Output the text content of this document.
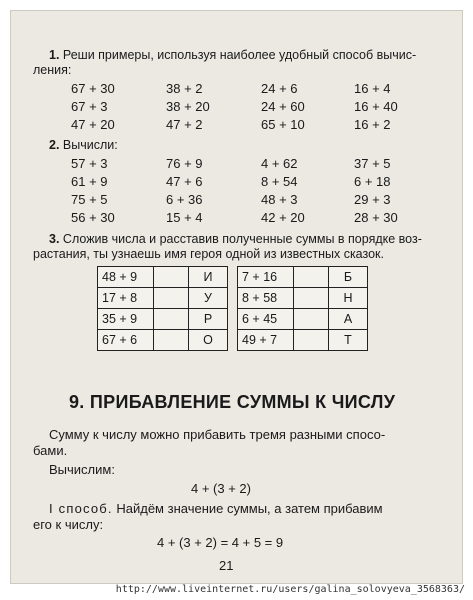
1. Реши примеры, используя наиболее удобный способ вычис-
ления:
67 + 30	38 + 2	24 + 6	16 + 4
67 + 3	38 + 20	24 + 60	16 + 40
47 + 20	47 + 2	65 + 10	16 + 2
2. Вычисли:
57 + 3	76 + 9	4 + 62	37 + 5
61 + 9	47 + 6	8 + 54	6 + 18
75 + 5	6 + 36	48 + 3	29 + 3
56 + 30	15 + 4	42 + 20	28 + 30
3. Сложив числа и расставив полученные суммы в порядке воз-
растания, ты узнаешь имя героя одной из известных сказок.
48 + 9		И
17 + 8		У
35 + 9		Р
67 + 6		О
7 + 16		Б
8 + 58		Н
6 + 45		А
49 + 7		Т
9. ПРИБАВЛЕНИЕ СУММЫ К ЧИСЛУ
Сумму к числу можно прибавить тремя разными спосо-
бами.
Вычислим:
4 + (3 + 2)
I способ. Найдём значение суммы, а затем прибавим
его к числу:
4 + (3 + 2) = 4 + 5 = 9
21
http://www.liveinternet.ru/users/galina_solovyeva_3568363/
